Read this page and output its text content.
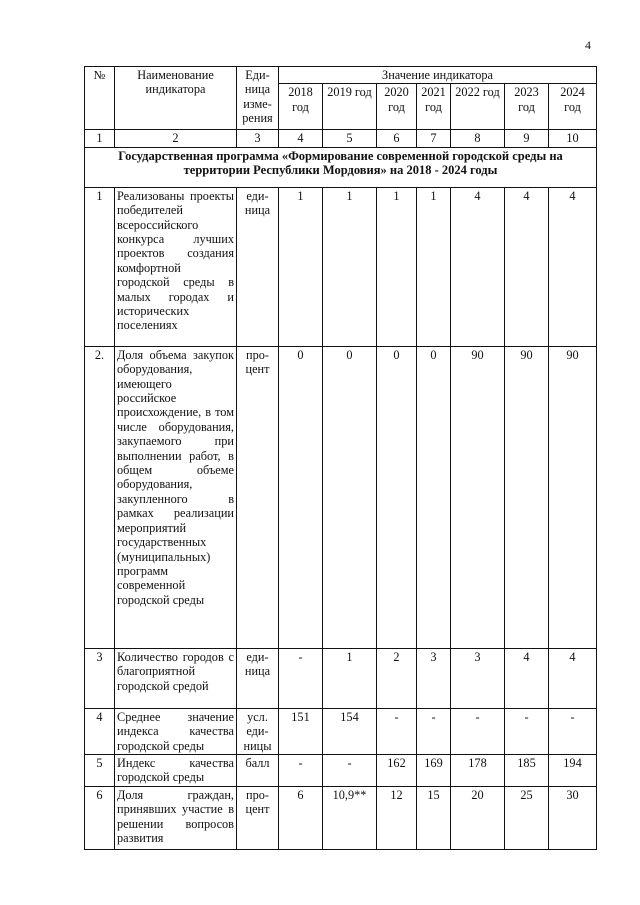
4
№	Наименование индикатора	Еди-ница изме-рения	Значение индикатора						
			2018 год	2019 год	2020 год	2021 год	2022 год	2023 год	2024 год
1	2	3	4	5	6	7	8	9	10
Государственная программа «Формирование современной городской среды на территории Республики Мордовия» на 2018 - 2024 годы									
1	Реализованы проекты победителей всероссийского конкурса лучших проектов создания комфортной городской среды в малых городах и исторических поселениях	еди-ница	1	1	1	1	4	4	4
2.	Доля объема закупок оборудования, имеющего российское происхождение, в том числе оборудования, закупаемого при выполнении работ, в общем объеме оборудования, закупленного в рамках реализации мероприятий государственных (муниципальных) программ современной городской среды	про-цент	0	0	0	0	90	90	90
3	Количество городов с благоприятной городской средой	еди-ница	-	1	2	3	3	4	4
4	Среднее значение индекса качества городской среды	усл. еди-ницы	151	154	-	-	-	-	-
5	Индекс качества городской среды	балл	-	-	162	169	178	185	194
6	Доля граждан, принявших участие в решении вопросов развития	про-цент	6	10,9**	12	15	20	25	30
